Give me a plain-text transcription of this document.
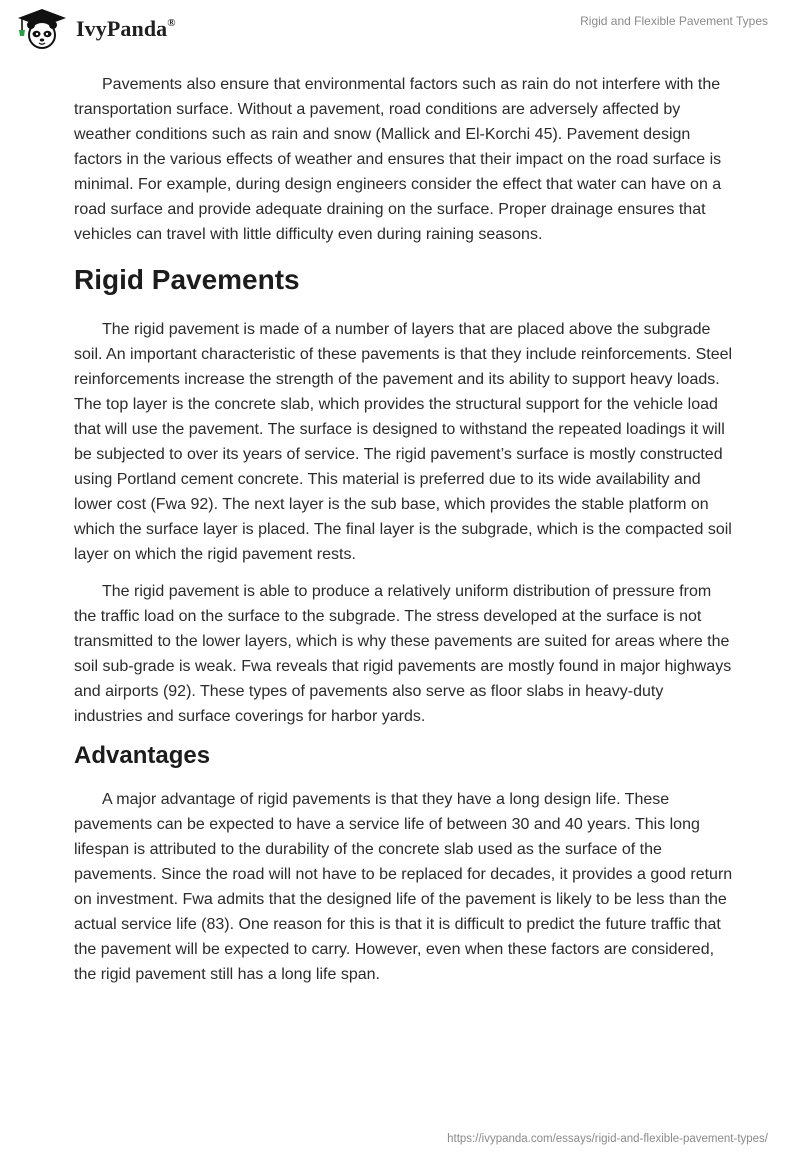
IvyPanda®	Rigid and Flexible Pavement Types

Pavements also ensure that environmental factors such as rain do not interfere with the transportation surface. Without a pavement, road conditions are adversely affected by weather conditions such as rain and snow (Mallick and El-Korchi 45). Pavement design factors in the various effects of weather and ensures that their impact on the road surface is minimal. For example, during design engineers consider the effect that water can have on a road surface and provide adequate draining on the surface. Proper drainage ensures that vehicles can travel with little difficulty even during raining seasons.

Rigid Pavements

The rigid pavement is made of a number of layers that are placed above the subgrade soil. An important characteristic of these pavements is that they include reinforcements. Steel reinforcements increase the strength of the pavement and its ability to support heavy loads. The top layer is the concrete slab, which provides the structural support for the vehicle load that will use the pavement. The surface is designed to withstand the repeated loadings it will be subjected to over its years of service. The rigid pavement’s surface is mostly constructed using Portland cement concrete. This material is preferred due to its wide availability and lower cost (Fwa 92). The next layer is the sub base, which provides the stable platform on which the surface layer is placed. The final layer is the subgrade, which is the compacted soil layer on which the rigid pavement rests.

The rigid pavement is able to produce a relatively uniform distribution of pressure from the traffic load on the surface to the subgrade. The stress developed at the surface is not transmitted to the lower layers, which is why these pavements are suited for areas where the soil sub-grade is weak. Fwa reveals that rigid pavements are mostly found in major highways and airports (92). These types of pavements also serve as floor slabs in heavy-duty industries and surface coverings for harbor yards.

Advantages

A major advantage of rigid pavements is that they have a long design life. These pavements can be expected to have a service life of between 30 and 40 years. This long lifespan is attributed to the durability of the concrete slab used as the surface of the pavements. Since the road will not have to be replaced for decades, it provides a good return on investment. Fwa admits that the designed life of the pavement is likely to be less than the actual service life (83). One reason for this is that it is difficult to predict the future traffic that the pavement will be expected to carry. However, even when these factors are considered, the rigid pavement still has a long life span.

https://ivypanda.com/essays/rigid-and-flexible-pavement-types/
